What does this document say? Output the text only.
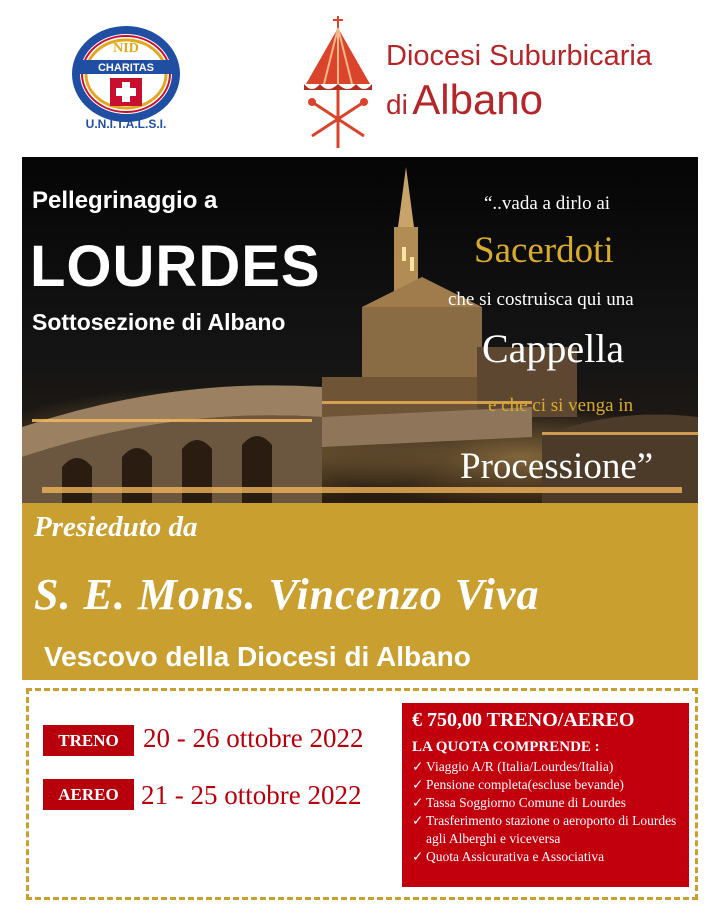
NID
CHARITAS
U.N.I.T.A.L.S.I.
Diocesi Suburbicaria
di Albano
Pellegrinaggio a
LOURDES
Sottosezione di Albano
“..vada a dirlo ai
Sacerdoti
che si costruisca qui una
Cappella
e che ci si venga in
Processione”
Presieduto da
S. E. Mons. Vincenzo Viva
Vescovo della Diocesi di Albano
TRENO 20 - 26 ottobre 2022
AEREO 21 - 25 ottobre 2022
€ 750,00 TRENO/AEREO
LA QUOTA COMPRENDE :
✓ Viaggio A/R (Italia/Lourdes/Italia)
✓ Pensione completa(escluse bevande)
✓ Tassa Soggiorno Comune di Lourdes
✓ Trasferimento stazione o aeroporto di Lourdes agli Alberghi e viceversa
✓ Quota Assicurativa e Associativa
